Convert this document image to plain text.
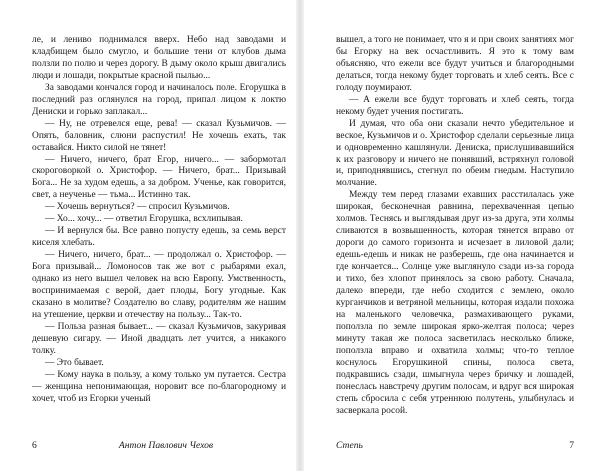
ле, и лениво поднимался вверх. Небо над заводами и кладбищем было смугло, и большие тени от клубов дыма ползли по полю и через дорогу. В дыму около крыш двигались люди и лошади, покрытые красной пылью...

За заводами кончался город и начиналось поле. Егорушка в последний раз оглянулся на город, припал лицом к локтю Дениски и горько заплакал...

— Ну, не отревелся еще, рева! — сказал Кузьмичов. — Опять, баловник, слюни распустил! Не хочешь ехать, так оставайся. Никто силой не тянет!

— Ничего, ничего, брат Егор, ничего... — забормотал скороговоркой о. Христофор. — Ничего, брат... Призывай Бога... Не за худом едешь, а за добром. Ученье, как говорится, свет, а неученье — тьма... Истинно так.

— Хочешь вернуться? — спросил Кузьмичов.

— Хо... хочу... — ответил Егорушка, всхлипывая.

— И вернулся бы. Все равно попусту едешь, за семь верст киселя хлебать.

— Ничего, ничего, брат... — продолжал о. Христофор. — Бога призывай... Ломоносов так же вот с рыбарями ехал, однако из него вышел человек на всю Европу. Умственность, воспринимаемая с верой, дает плоды, Богу угодные. Как сказано в молитве? Создателю во славу, родителям же нашим на утешение, церкви и отечеству на пользу... Так-то.

— Польза разная бывает... — сказал Кузьмичов, закуривая дешевую сигару. — Иной двадцать лет учится, а никакого толку.

— Это бывает.

— Кому наука в пользу, а кому только ум путается. Сестра — женщина непонимающая, норовит все по-благородному и хочет, чтоб из Егорки ученый

6	Антон Павлович Чехов

вышел, а того не понимает, что я и при своих занятиях мог бы Егорку на век осчастливить. Я это к тому вам объясняю, что ежели все будут учиться и благородными делаться, тогда некому будет торговать и хлеб сеять. Все с голоду поумирают.

— А ежели все будут торговать и хлеб сеять, тогда некому будет учения постигать.

И думая, что оба они сказали нечто убедительное и веское, Кузьмичов и о. Христофор сделали серьезные лица и одновременно кашлянули. Дениска, прислушивавшийся к их разговору и ничего не понявший, встряхнул головой и, приподнявшись, стегнул по обеим гнедым. Наступило молчание.

Между тем перед глазами ехавших расстилалась уже широкая, бесконечная равнина, перехваченная цепью холмов. Теснясь и выглядывая друг из-за друга, эти холмы сливаются в возвышенность, которая тянется вправо от дороги до самого горизонта и исчезает в лиловой дали; едешь-едешь и никак не разберешь, где она начинается и где кончается... Солнце уже выглянуло сзади из-за города и тихо, без хлопот принялось за свою работу. Сначала, далеко впереди, где небо сходится с землею, около курганчиков и ветряной мельницы, которая издали похожа на маленького человечка, размахивающего руками, поползла по земле широкая ярко-желтая полоса; через минуту такая же полоса засветилась несколько ближе, поползла вправо и охватила холмы; что-то теплое коснулось Егорушкиной спины, полоса света, подкравшись сзади, шмыгнула через бричку и лошадей, понеслась навстречу другим полосам, и вдруг вся широкая степь сбросила с себя утреннюю полутень, улыбнулась и засверкала росой.

Степь	7
